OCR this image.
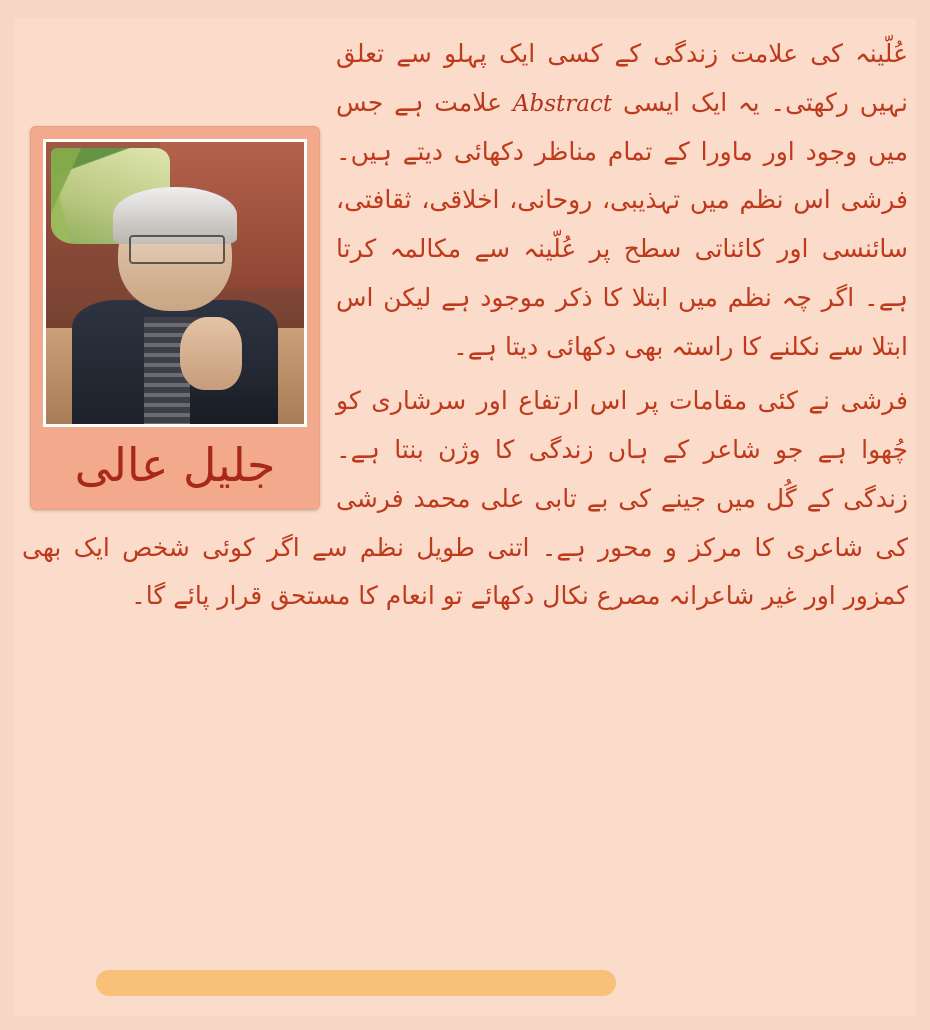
جلیل عالی

عُلّینہ کی علامت زندگی کے کسی ایک پہلو سے تعلق نہیں رکھتی۔ یہ ایک ایسی Abstract علامت ہے جس میں وجود اور ماورا کے تمام مناظر دکھائی دیتے ہیں۔ فرشی اس نظم میں تہذیبی، روحانی، اخلاقی، ثقافتی، سائنسی اور کائناتی سطح پر عُلّینہ سے مکالمہ کرتا ہے۔ اگر چہ نظم میں ابتلا کا ذکر موجود ہے لیکن اس ابتلا سے نکلنے کا راستہ بھی دکھائی دیتا ہے۔

فرشی نے کئی مقامات پر اس ارتفاع اور سرشاری کو چُھوا ہے جو شاعر کے ہاں زندگی کا وژن بنتا ہے۔ زندگی کے گُل میں جینے کی بے تابی علی محمد فرشی کی شاعری کا مرکز و محور ہے۔ اتنی طویل نظم سے اگر کوئی شخص ایک بھی کمزور اور غیر شاعرانہ مصرع نکال دکھائے تو انعام کا مستحق قرار پائے گا۔
